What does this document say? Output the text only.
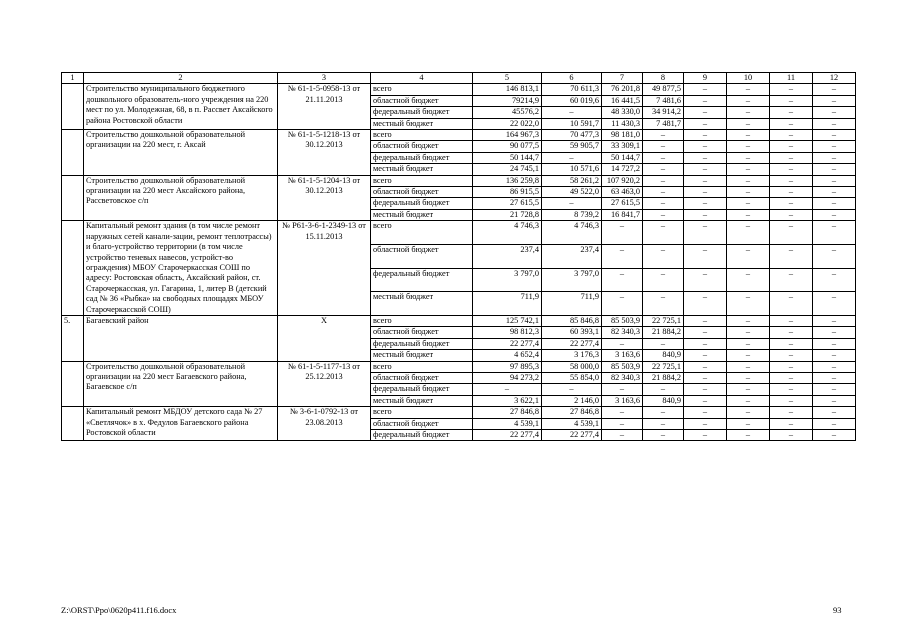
1	2	3	4	5	6	7	8	9	10	11	12
	Строительство муниципального бюджетного дошкольного образователь-ного учреждения на 220 мест по ул. Молодежная, 68, в п. Рассвет Аксайского района Ростовской области	№ 61-1-5-0958-13 от 21.11.2013	всего	146 813,1	70 611,3	76 201,8	49 877,5	–	–	–	–
			областной бюджет	79214,9	60 019,6	16 441,5	7 481,6	–	–	–	–
			федеральный бюджет	45576,2	–	48 330,0	34 914,2	–	–	–	–
			местный бюджет	22 022,0	10 591,7	11 430,3	7 481,7	–	–	–	–
	Строительство дошкольной образовательной организации на 220 мест, г. Аксай	№ 61-1-5-1218-13 от 30.12.2013	всего	164 967,3	70 477,3	98 181,0	–	–	–	–	–
			областной бюджет	90 077,5	59 905,7	33 309,1	–	–	–	–	–
			федеральный бюджет	50 144,7	–	50 144,7	–	–	–	–	–
			местный бюджет	24 745,1	10 571,6	14 727,2	–	–	–	–	–
	Строительство дошкольной образовательной организации на 220 мест Аксайского района, Рассветовское с/п	№ 61-1-5-1204-13 от 30.12.2013	всего	136 259,8	58 261,2	107 920,2	–	–	–	–	–
			областной бюджет	86 915,5	49 522,0	63 463,0	–	–	–	–	–
			федеральный бюджет	27 615,5	–	27 615,5	–	–	–	–	–
			местный бюджет	21 728,8	8 739,2	16 841,7	–	–	–	–	–
	Капитальный ремонт здания (в том числе ремонт наружных сетей канали-зации, ремонт теплотрассы) и благо-устройство территории (в том числе устройство теневых навесов, устройст-во ограждения) МБОУ Старочеркасская СОШ по адресу: Ростовская область, Аксайский район, ст. Старочеркасская, ул. Гагарина, 1, литер В (детский сад № 36 «Рыбка» на свободных площадях МБОУ Старочеркасской СОШ)	№ Р61-3-6-1-2349-13 от 15.11.2013	всего	4 746,3	4 746,3	–	–	–	–	–	–
			областной бюджет	237,4	237,4	–	–	–	–	–	–
			федеральный бюджет	3 797,0	3 797,0	–	–	–	–	–	–
			местный бюджет	711,9	711,9	–	–	–	–	–	–
5.	Багаевский район	Х	всего	125 742,1	85 846,8	85 503,9	22 725,1	–	–	–	–
			областной бюджет	98 812,3	60 393,1	82 340,3	21 884,2	–	–	–	–
			федеральный бюджет	22 277,4	22 277,4	–	–	–	–	–	–
			местный бюджет	4 652,4	3 176,3	3 163,6	840,9	–	–	–	–
	Строительство дошкольной образовательной организации на 220 мест Багаевского района, Багаевское с/п	№ 61-1-5-1177-13 от 25.12.2013	всего	97 895,3	58 000,0	85 503,9	22 725,1	–	–	–	–
			областной бюджет	94 273,2	55 854,0	82 340,3	21 884,2	–	–	–	–
			федеральный бюджет	–	–	–	–	–	–	–	–
			местный бюджет	3 622,1	2 146,0	3 163,6	840,9	–	–	–	–
	Капитальный ремонт МБДОУ детского сада № 27 «Светлячок» в х. Федулов Багаевского района Ростовской области	№ 3-6-1-0792-13 от 23.08.2013	всего	27 846,8	27 846,8	–	–	–	–	–	–
			областной бюджет	4 539,1	4 539,1	–	–	–	–	–	–
			федеральный бюджет	22 277,4	22 277,4	–	–	–	–	–	–
Z:\ORST\Ppo\0620p411.f16.docx	93
